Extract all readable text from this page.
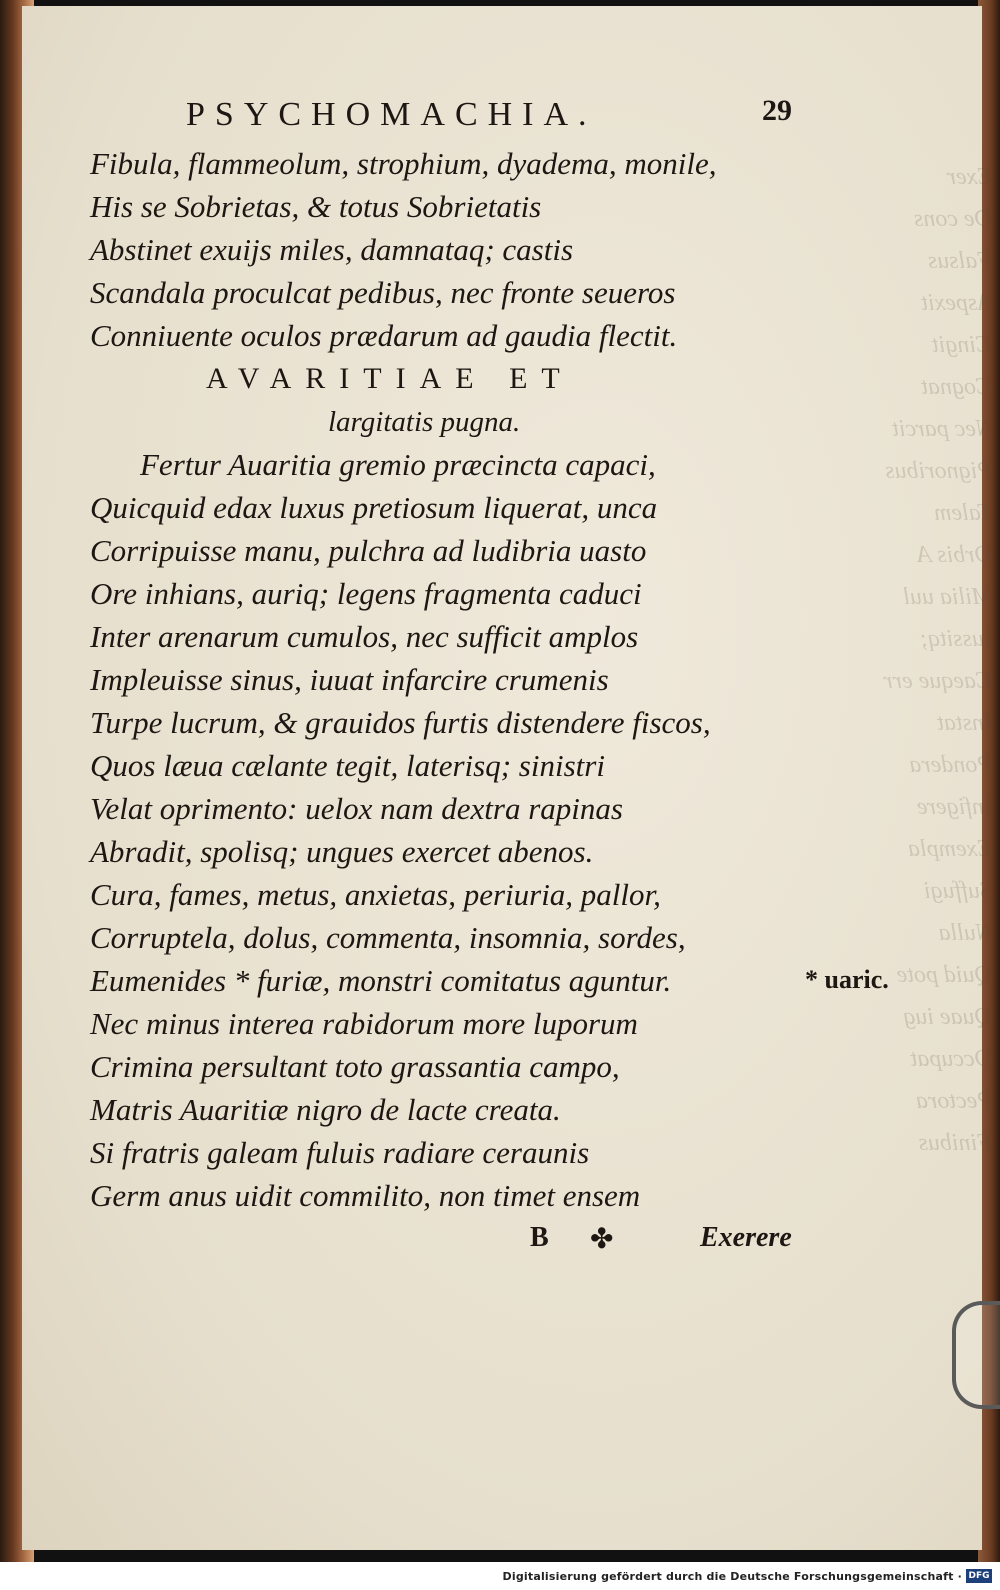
Exer
De cons
Falsus
Aspexit
Cingit
Cognat
Nec parcit
Pignoribus
Talem
Orbis A
Milia uul
Iussitq;
Caeque err
Instat
Pondera
Infigere
Exempla
Suffugi
Nulla
Quid pote
Quae iug
Occupat
Pectora
Finibus
PSYCHOMACHIA.	29
Fibula, flammeolum, strophium, dyadema, monile,
His se Sobrietas, & totus Sobrietatis
Abstinet exuijs miles, damnataq; castis
Scandala proculcat pedibus, nec fronte seueros
Conniuente oculos prædarum ad gaudia flectit.
AVARITIAE ET
largitatis pugna.
Fertur Auaritia gremio præcincta capaci,
Quicquid edax luxus pretiosum liquerat, unca
Corripuisse manu, pulchra ad ludibria uasto
Ore inhians, auriq; legens fragmenta caduci
Inter arenarum cumulos, nec sufficit amplos
Impleuisse sinus, iuuat infarcire crumenis
Turpe lucrum, & grauidos furtis distendere fiscos,
Quos læua cælante tegit, laterisq; sinistri
Velat oprimento: uelox nam dextra rapinas
Abradit, spolisq; ungues exercet abenos.
Cura, fames, metus, anxietas, periuria, pallor,
Corruptela, dolus, commenta, insomnia, sordes,
Eumenides * furiæ, monstri comitatus aguntur.
Nec minus interea rabidorum more luporum
Crimina persultant toto grassantia campo,
Matris Auaritiæ nigro de lacte creata.
Si fratris galeam fuluis radiare ceraunis
Germ anus uidit commilito, non timet ensem
* uaric.
B ✤	Exerere
Digitalisierung gefördert durch die Deutsche Forschungsgemeinschaft · DFG
